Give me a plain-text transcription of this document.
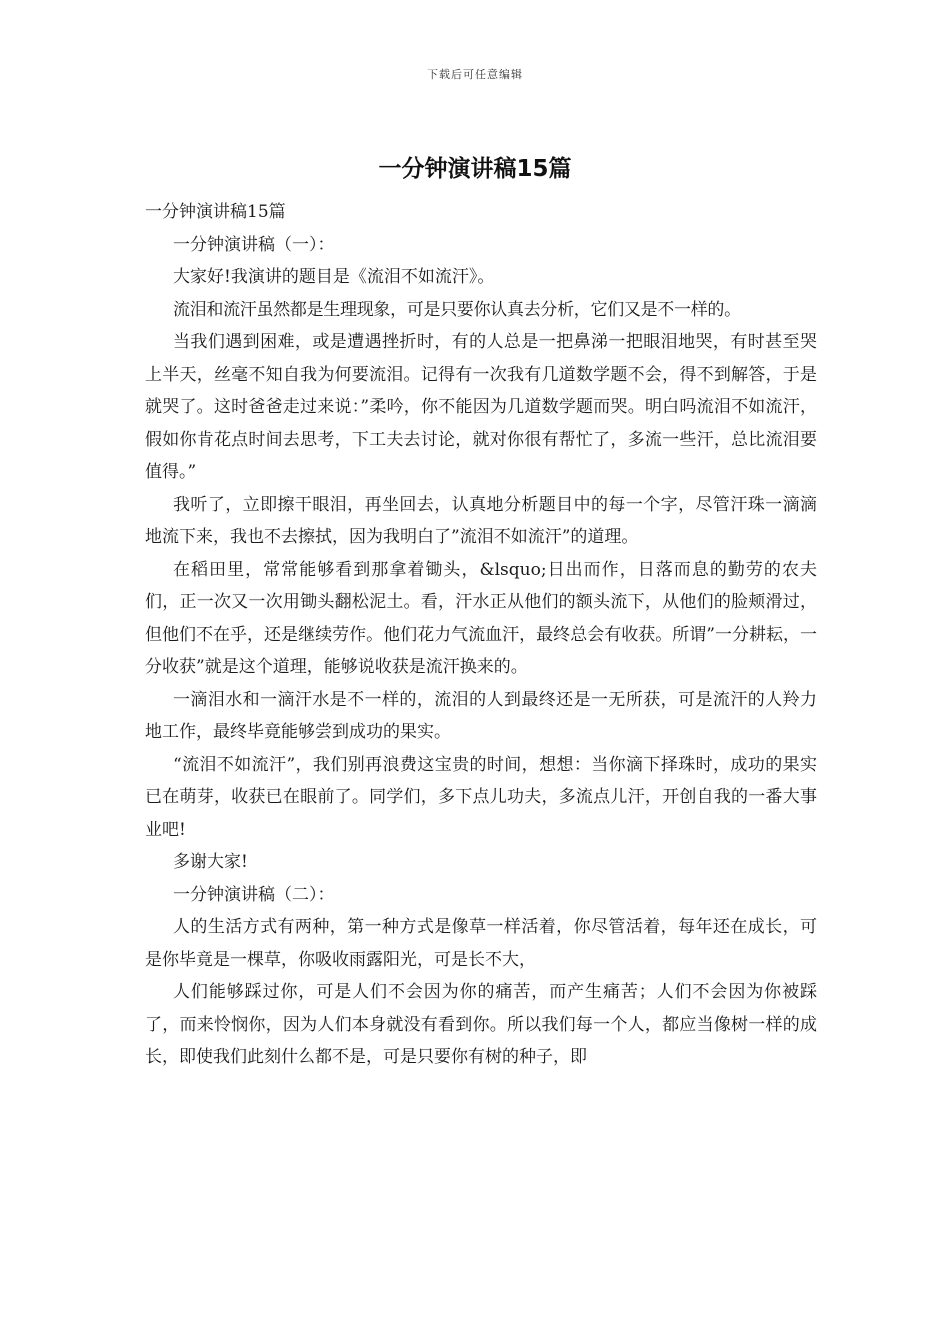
下载后可任意编辑
一分钟演讲稿15篇

一分钟演讲稿15篇

一分钟演讲稿（一）：

大家好!我演讲的题目是《流泪不如流汗》。

流泪和流汗虽然都是生理现象，可是只要你认真去分析，它们又是不一样的。

当我们遇到困难，或是遭遇挫折时，有的人总是一把鼻涕一把眼泪地哭，有时甚至哭上半天，丝毫不知自我为何要流泪。记得有一次我有几道数学题不会，得不到解答，于是就哭了。这时爸爸走过来说：”柔吟，你不能因为几道数学题而哭。明白吗流泪不如流汗，假如你肯花点时间去思考，下工夫去讨论，就对你很有帮忙了，多流一些汗，总比流泪要值得。”

我听了，立即擦干眼泪，再坐回去，认真地分析题目中的每一个字，尽管汗珠一滴滴地流下来，我也不去擦拭，因为我明白了”流泪不如流汗”的道理。

在稻田里，常常能够看到那拿着锄头，&lsquo;日出而作，日落而息的勤劳的农夫们，正一次又一次用锄头翻松泥土。看，汗水正从他们的额头流下，从他们的脸颊滑过，但他们不在乎，还是继续劳作。他们花力气流血汗，最终总会有收获。所谓”一分耕耘，一分收获”就是这个道理，能够说收获是流汗换来的。

一滴泪水和一滴汗水是不一样的，流泪的人到最终还是一无所获，可是流汗的人羚力地工作，最终毕竟能够尝到成功的果实。

“流泪不如流汗”，我们别再浪费这宝贵的时间，想想：当你滴下择珠时，成功的果实已在萌芽，收获已在眼前了。同学们，多下点儿功夫，多流点儿汗，开创自我的一番大事业吧!

多谢大家!

一分钟演讲稿（二）：

人的生活方式有两种，第一种方式是像草一样活着，你尽管活着，每年还在成长，可是你毕竟是一棵草，你吸收雨露阳光，可是长不大，

人们能够踩过你，可是人们不会因为你的痛苦，而产生痛苦；人们不会因为你被踩了，而来怜悯你，因为人们本身就没有看到你。所以我们每一个人，都应当像树一样的成长，即使我们此刻什么都不是，可是只要你有树的种子，即
